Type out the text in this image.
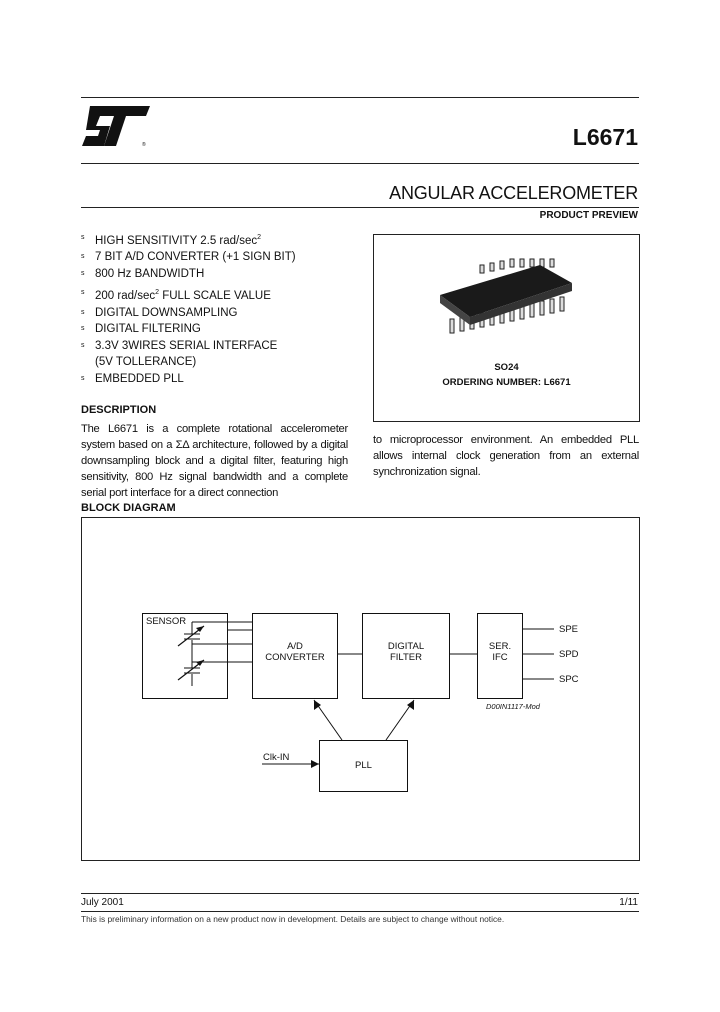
®	L6671
ANGULAR ACCELEROMETER
PRODUCT PREVIEW
s HIGH SENSITIVITY 2.5 rad/$\sec^2$
s 7 BIT A/D CONVERTER (+1 SIGN BIT)
s 800 Hz BANDWIDTH
s 200 rad/$\sec^2$ FULL SCALE VALUE
s DIGITAL DOWNSAMPLING
s DIGITAL FILTERING
s 3.3V 3WIRES SERIAL INTERFACE
(5V TOLLERANCE)
s EMBEDDED PLL
SO24
ORDERING NUMBER: L6671
DESCRIPTION
The L6671 is a complete rotational accelerometer system based on a ΣΔ architecture, followed by a digital downsampling block and a digital filter, featuring high sensitivity, 800 Hz signal bandwidth and a complete serial port interface for a direct connection
to microprocessor environment. An embedded PLL allows internal clock generation from an external synchronization signal.
BLOCK DIAGRAM
SENSOR
A/D
CONVERTER
DIGITAL
FILTER
SER.
IFC
PLL
SPE
SPD
SPC
Clk-IN
D00IN1117-Mod
July 2001	1/11
This is preliminary information on a new product now in development. Details are subject to change without notice.
